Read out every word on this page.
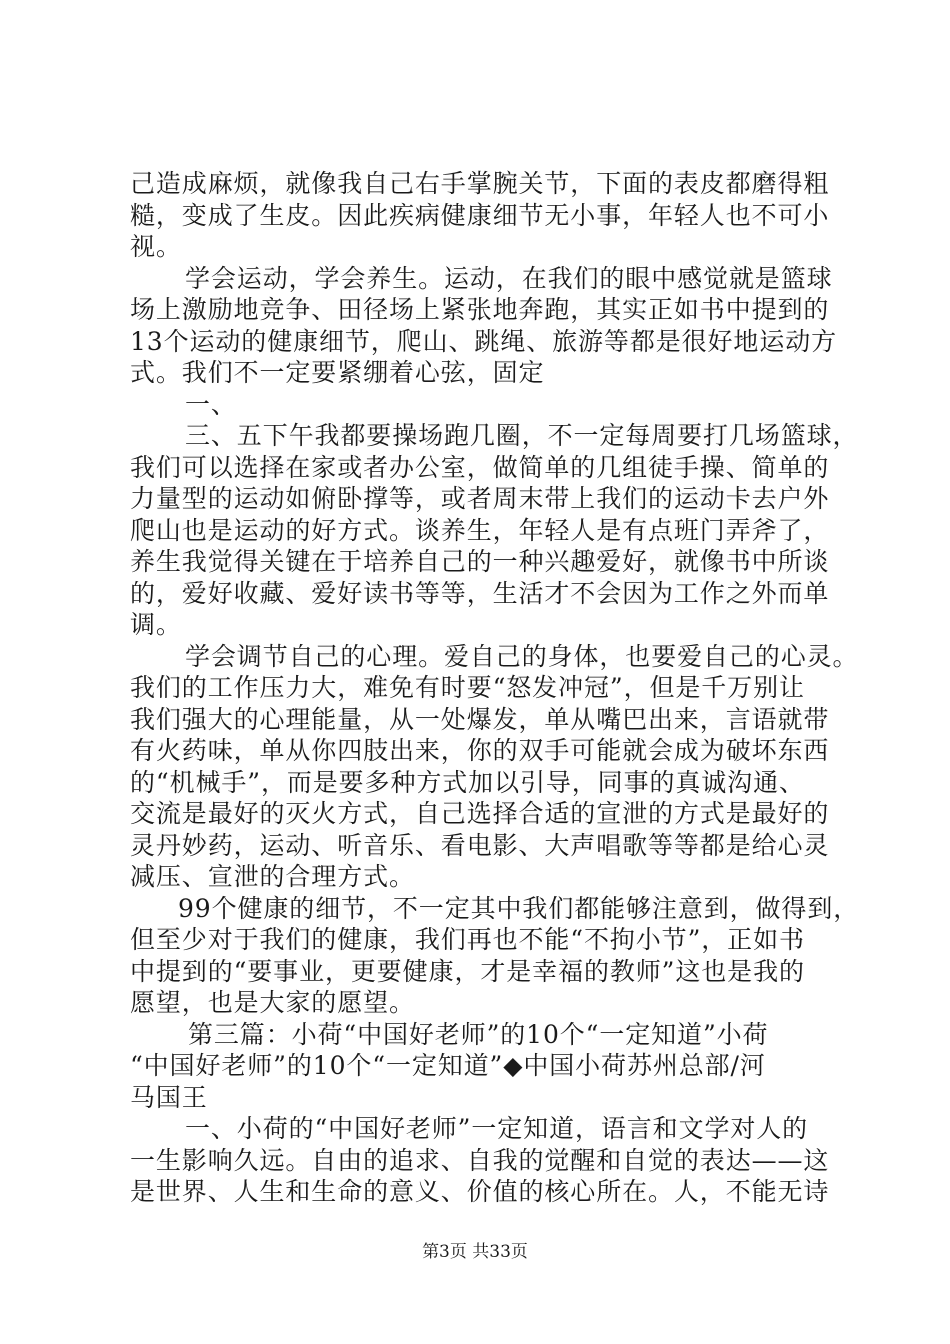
己造成麻烦，就像我自己右手掌腕关节，下面的表皮都磨得粗
糙，变成了生皮。因此疾病健康细节无小事，年轻人也不可小
视。
学会运动，学会养生。运动，在我们的眼中感觉就是篮球
场上激励地竞争、田径场上紧张地奔跑，其实正如书中提到的
13个运动的健康细节，爬山、跳绳、旅游等都是很好地运动方
式。我们不一定要紧绷着心弦，固定
一、
三、五下午我都要操场跑几圈，不一定每周要打几场篮球，
我们可以选择在家或者办公室，做简单的几组徒手操、简单的
力量型的运动如俯卧撑等，或者周末带上我们的运动卡去户外
爬山也是运动的好方式。谈养生，年轻人是有点班门弄斧了，
养生我觉得关键在于培养自己的一种兴趣爱好，就像书中所谈
的，爱好收藏、爱好读书等等，生活才不会因为工作之外而单
调。
学会调节自己的心理。爱自己的身体，也要爱自己的心灵。
我们的工作压力大，难免有时要“怒发冲冠”，但是千万别让
我们强大的心理能量，从一处爆发，单从嘴巴出来，言语就带
有火药味，单从你四肢出来，你的双手可能就会成为破坏东西
的“机械手”，而是要多种方式加以引导，同事的真诚沟通、
交流是最好的灭火方式，自己选择合适的宣泄的方式是最好的
灵丹妙药，运动、听音乐、看电影、大声唱歌等等都是给心灵
减压、宣泄的合理方式。
99个健康的细节，不一定其中我们都能够注意到，做得到，
但至少对于我们的健康，我们再也不能“不拘小节”，正如书
中提到的“要事业，更要健康，才是幸福的教师”这也是我的
愿望，也是大家的愿望。
第三篇：小荷“中国好老师”的10个“一定知道”小荷
“中国好老师”的10个“一定知道”◆中国小荷苏州总部/河
马国王
一、小荷的“中国好老师”一定知道，语言和文学对人的
一生影响久远。自由的追求、自我的觉醒和自觉的表达——这
是世界、人生和生命的意义、价值的核心所在。人，不能无诗
第3页 共33页
